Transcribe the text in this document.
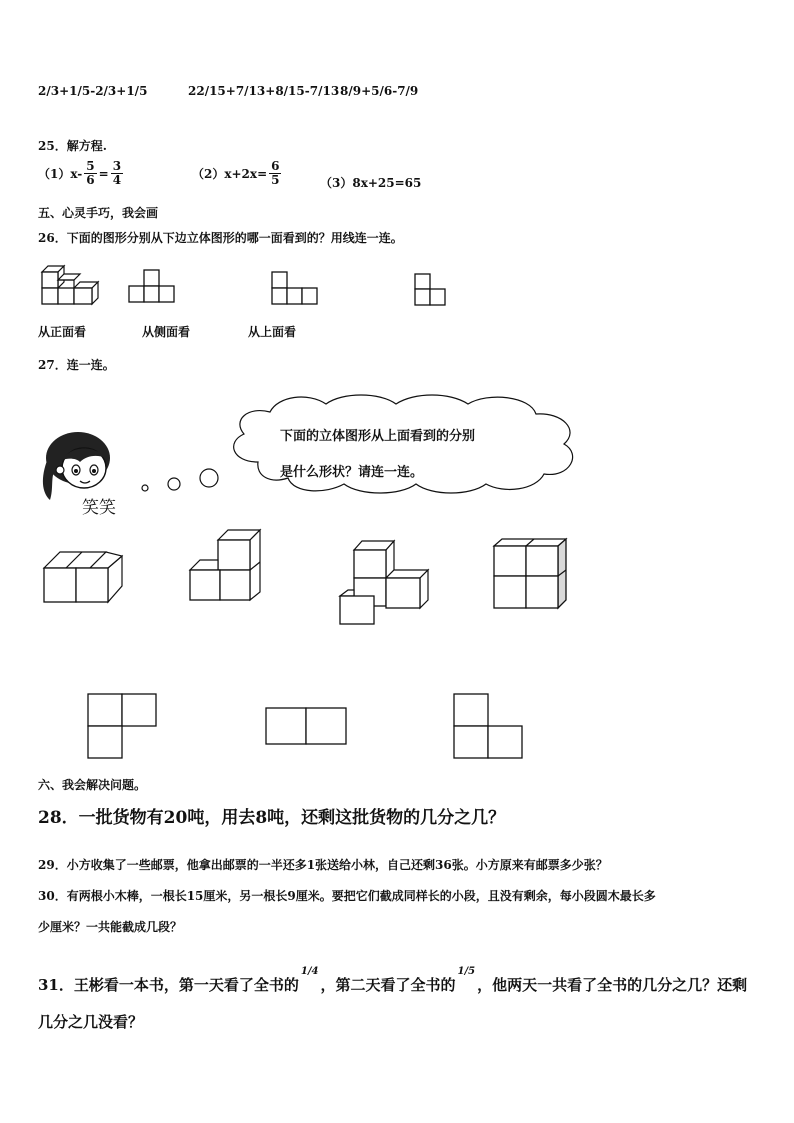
2/3+1/5-2/3+1/5	22/15+7/13+8/15-7/13 8/9+5/6-7/9
25．解方程.
$(1)x- \frac{5}{6} = \frac{3}{4}$	$(2)x+2x= \frac{6}{5}$	（3）8x+25=65
五、心灵手巧，我会画
26．下面的图形分别从下边立体图形的哪一面看到的？用线连一连。
从正面看	从侧面看	从上面看
27．连一连。
笑笑
下面的立体图形从上面看到的分别
是什么形状？请连一连。
六、我会解决问题。
28．一批货物有20吨，用去8吨，还剩这批货物的几分之几？
29．小方收集了一些邮票，他拿出邮票的一半还多1张送给小林，自己还剩36张。小方原来有邮票多少张？
30．有两根小木棒，一根长15厘米，另一根长9厘米。要把它们截成同样长的小段，且没有剩余，每小段圆木最长多
少厘米？一共能截成几段？
31．王彬看一本书，第一天看了全书的1/4，第二天看了全书的1/5，他两天一共看了全书的几分之几？还剩
几分之几没看？
